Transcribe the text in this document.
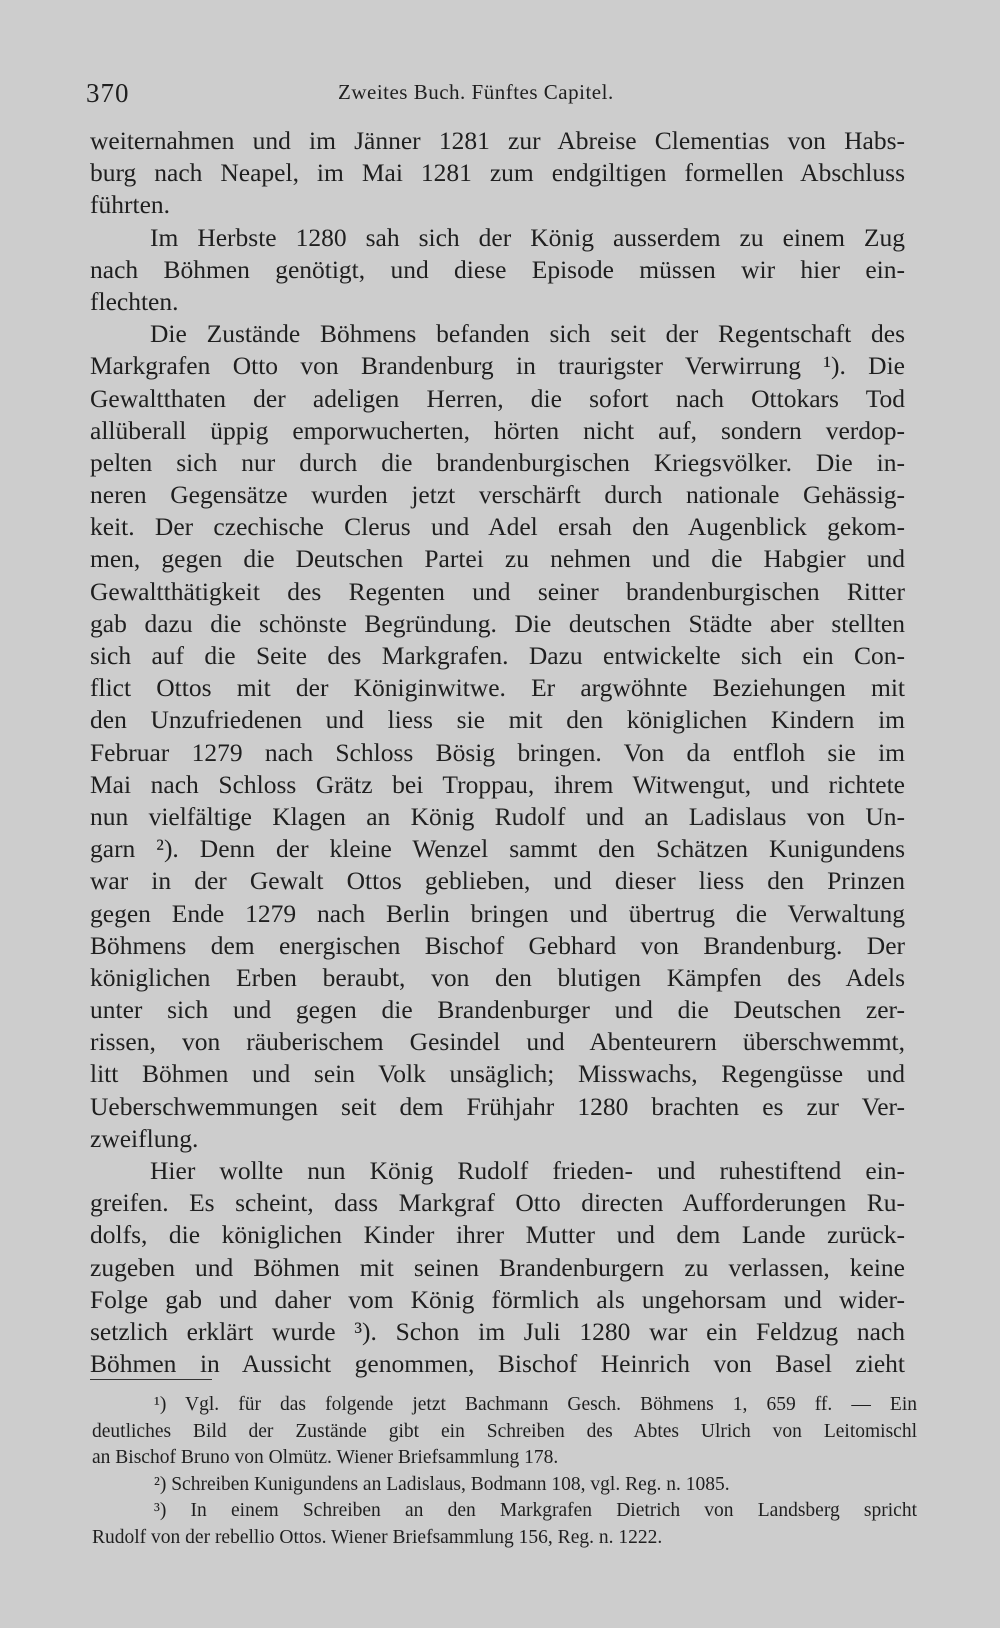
370	Zweites Buch. Fünftes Capitel.
weiternahmen und im Jänner 1281 zur Abreise Clementias von Habs-
burg nach Neapel, im Mai 1281 zum endgiltigen formellen Abschluss
führten.
Im Herbste 1280 sah sich der König ausserdem zu einem Zug
nach Böhmen genötigt, und diese Episode müssen wir hier ein-
flechten.
Die Zustände Böhmens befanden sich seit der Regentschaft des
Markgrafen Otto von Brandenburg in traurigster Verwirrung ¹). Die
Gewaltthaten der adeligen Herren, die sofort nach Ottokars Tod
allüberall üppig emporwucherten, hörten nicht auf, sondern verdop-
pelten sich nur durch die brandenburgischen Kriegsvölker. Die in-
neren Gegensätze wurden jetzt verschärft durch nationale Gehässig-
keit. Der czechische Clerus und Adel ersah den Augenblick gekom-
men, gegen die Deutschen Partei zu nehmen und die Habgier und
Gewaltthätigkeit des Regenten und seiner brandenburgischen Ritter
gab dazu die schönste Begründung. Die deutschen Städte aber stellten
sich auf die Seite des Markgrafen. Dazu entwickelte sich ein Con-
flict Ottos mit der Königinwitwe. Er argwöhnte Beziehungen mit
den Unzufriedenen und liess sie mit den königlichen Kindern im
Februar 1279 nach Schloss Bösig bringen. Von da entfloh sie im
Mai nach Schloss Grätz bei Troppau, ihrem Witwengut, und richtete
nun vielfältige Klagen an König Rudolf und an Ladislaus von Un-
garn ²). Denn der kleine Wenzel sammt den Schätzen Kunigundens
war in der Gewalt Ottos geblieben, und dieser liess den Prinzen
gegen Ende 1279 nach Berlin bringen und übertrug die Verwaltung
Böhmens dem energischen Bischof Gebhard von Brandenburg. Der
königlichen Erben beraubt, von den blutigen Kämpfen des Adels
unter sich und gegen die Brandenburger und die Deutschen zer-
rissen, von räuberischem Gesindel und Abenteurern überschwemmt,
litt Böhmen und sein Volk unsäglich; Misswachs, Regengüsse und
Ueberschwemmungen seit dem Frühjahr 1280 brachten es zur Ver-
zweiflung.
Hier wollte nun König Rudolf frieden- und ruhestiftend ein-
greifen. Es scheint, dass Markgraf Otto directen Aufforderungen Ru-
dolfs, die königlichen Kinder ihrer Mutter und dem Lande zurück-
zugeben und Böhmen mit seinen Brandenburgern zu verlassen, keine
Folge gab und daher vom König förmlich als ungehorsam und wider-
setzlich erklärt wurde ³). Schon im Juli 1280 war ein Feldzug nach
Böhmen in Aussicht genommen, Bischof Heinrich von Basel zieht
¹) Vgl. für das folgende jetzt Bachmann Gesch. Böhmens 1, 659 ff. — Ein
deutliches Bild der Zustände gibt ein Schreiben des Abtes Ulrich von Leitomischl
an Bischof Bruno von Olmütz. Wiener Briefsammlung 178.
²) Schreiben Kunigundens an Ladislaus, Bodmann 108, vgl. Reg. n. 1085.
³) In einem Schreiben an den Markgrafen Dietrich von Landsberg spricht
Rudolf von der rebellio Ottos. Wiener Briefsammlung 156, Reg. n. 1222.
